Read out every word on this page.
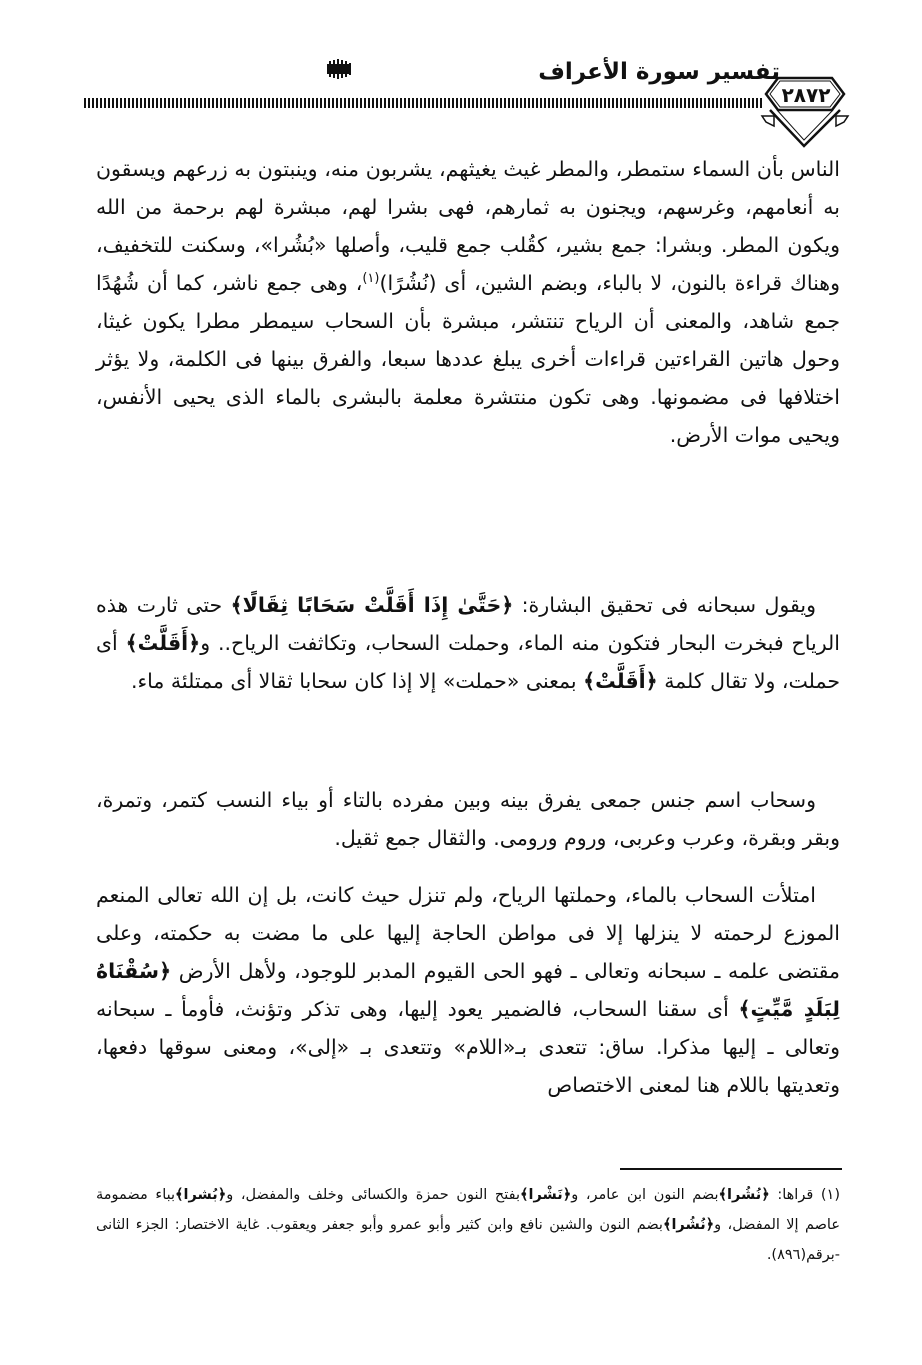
تفسير سورة الأعراف
٢٨٧٢
الناس بأن السماء ستمطر، والمطر غيث يغيثهم، يشربون منه، وينبتون به زرعهم ويسقون به أنعامهم، وغرسهم، ويجنون به ثمارهم، فهى بشرا لهم، مبشرة لهم برحمة من الله ويكون المطر. وبشرا: جمع بشير، كقُلب جمع قليب، وأصلها «بُشُرا»، وسكنت للتخفيف، وهناك قراءة بالنون، لا بالباء، وبضم الشين، أى (نُشُرًا)$^{(١)}$، وهى جمع ناشر، كما أن شُهُدًا جمع شاهد، والمعنى أن الرياح تنتشر، مبشرة بأن السحاب سيمطر مطرا يكون غيثا، وحول هاتين القراءتين قراءات أخرى يبلغ عددها سبعا، والفرق بينها فى الكلمة، ولا يؤثر اختلافها فى مضمونها. وهى تكون منتشرة معلمة بالبشرى بالماء الذى يحيى الأنفس، ويحيى موات الأرض.
ويقول سبحانه فى تحقيق البشارة: ﴿حَتَّىٰ إِذَا أَقَلَّتْ سَحَابًا ثِقَالًا﴾ حتى ثارت هذه الرياح فبخرت البحار فتكون منه الماء، وحملت السحاب، وتكاثفت الرياح.. و﴿أَقَلَّتْ﴾ أى حملت، ولا تقال كلمة ﴿أَقَلَّتْ﴾ بمعنى «حملت» إلا إذا كان سحابا ثقالا أى ممتلئة ماء.
وسحاب اسم جنس جمعى يفرق بينه وبين مفرده بالتاء أو بياء النسب كتمر، وتمرة، وبقر وبقرة، وعرب وعربى، وروم ورومى. والثقال جمع ثقيل.
امتلأت السحاب بالماء، وحملتها الرياح، ولم تنزل حيث كانت، بل إن الله تعالى المنعم الموزع لرحمته لا ينزلها إلا فى مواطن الحاجة إليها على ما مضت به حكمته، وعلى مقتضى علمه ـ سبحانه وتعالى ـ فهو الحى القيوم المدبر للوجود، ولأهل الأرض ﴿سُقْنَاهُ لِبَلَدٍ مَّيِّتٍ﴾ أى سقنا السحاب، فالضمير يعود إليها، وهى تذكر وتؤنث، فأومأ ـ سبحانه وتعالى ـ إليها مذكرا. ساق: تتعدى بـ«اللام» وتتعدى بـ «إلى»، ومعنى سوقها دفعها، وتعديتها باللام هنا لمعنى الاختصاص
(١) قراها: ﴿نُشُرا﴾بضم النون ابن عامر، و﴿نَشْرا﴾بفتح النون حمزة والكسائى وخلف والمفضل، و﴿بُشرا﴾بباء مضمومة عاصم إلا المفضل، و﴿نُشُرا﴾بضم النون والشين نافع وابن كثير وأبو عمرو وأبو جعفر ويعقوب. غاية الاختصار: الجزء الثانى -برقم(٨٩٦).
